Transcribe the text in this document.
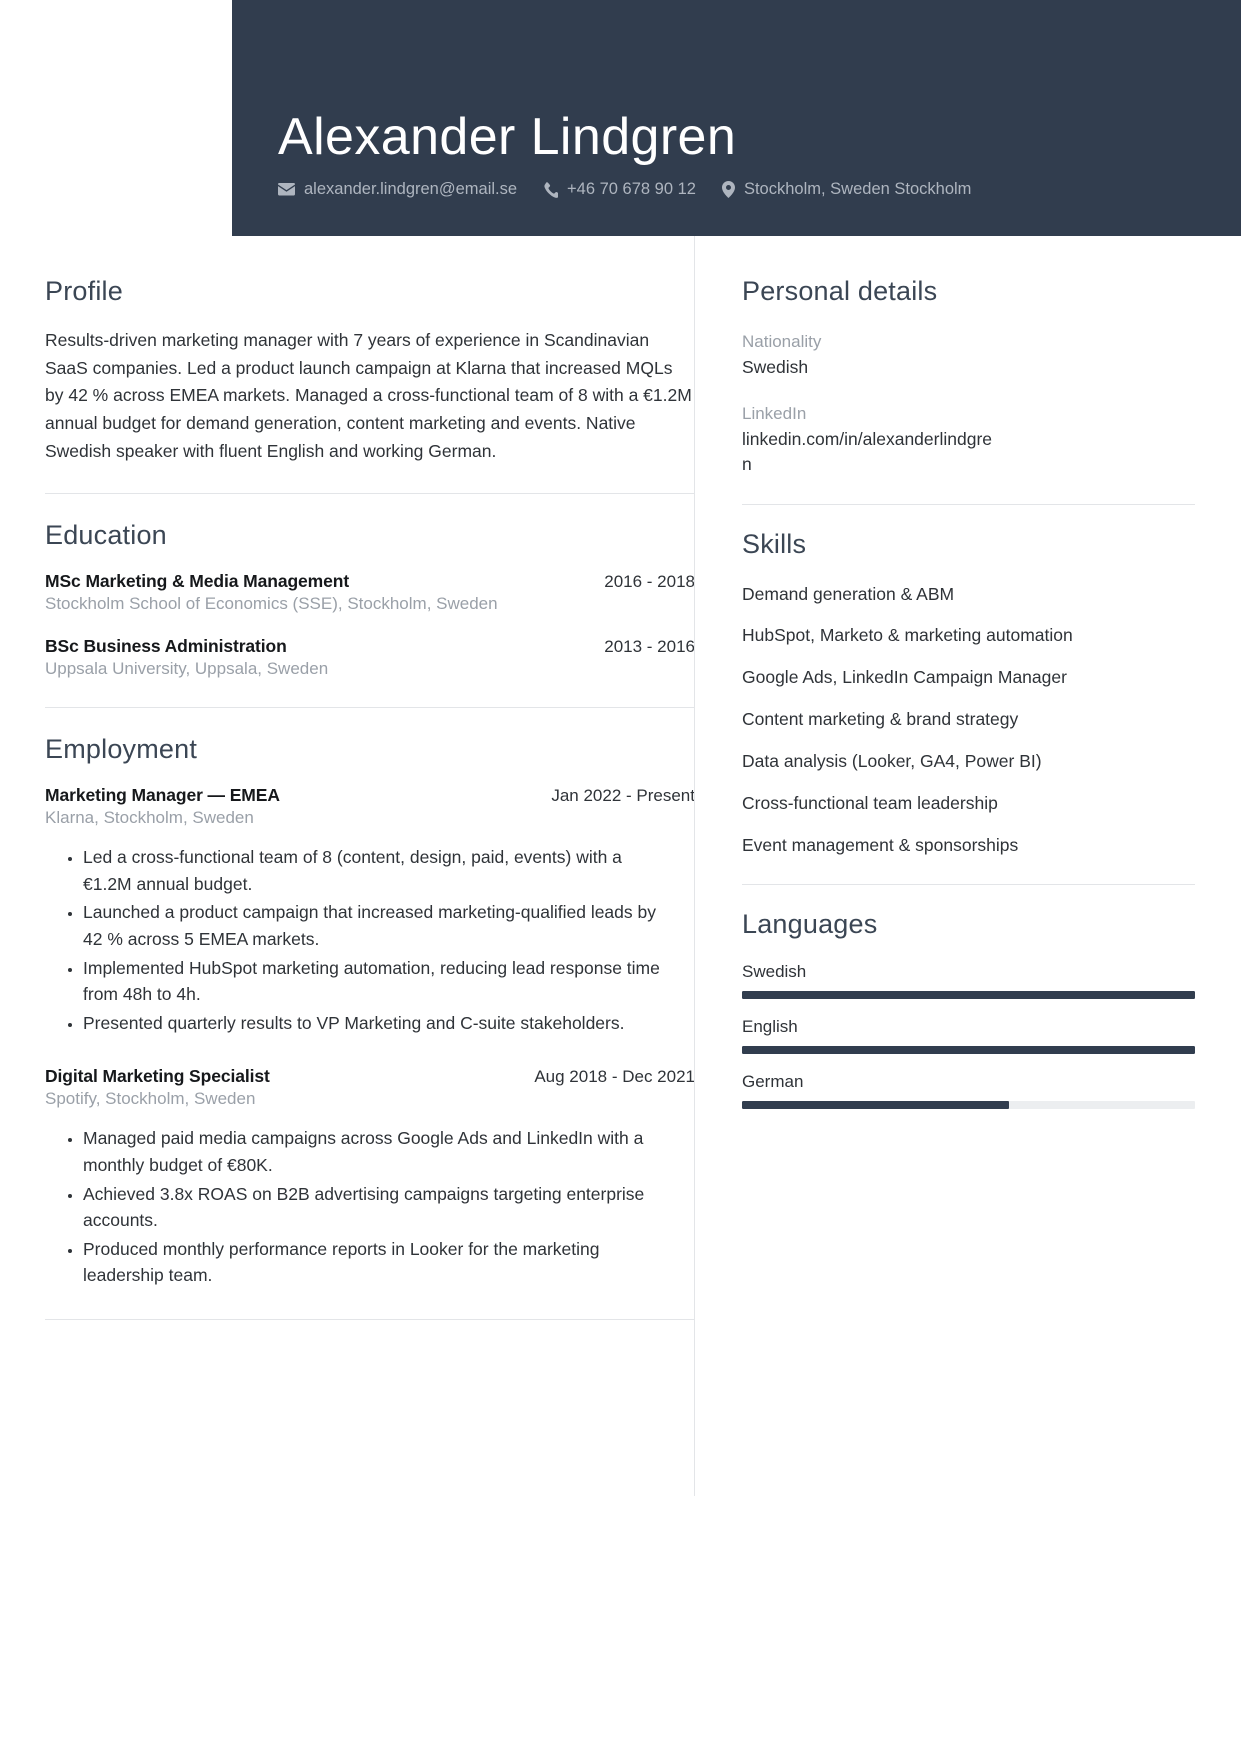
Alexander Lindgren
alexander.lindgren@email.se	+46 70 678 90 12	Stockholm, Sweden Stockholm
Profile

Results-driven marketing manager with 7 years of experience in Scandinavian SaaS companies. Led a product launch campaign at Klarna that increased MQLs by 42 % across EMEA markets. Managed a cross-functional team of 8 with a €1.2M annual budget for demand generation, content marketing and events. Native Swedish speaker with fluent English and working German.

Education
MSc Marketing & Media Management	2016 - 2018
Stockholm School of Economics (SSE), Stockholm, Sweden
BSc Business Administration	2013 - 2016
Uppsala University, Uppsala, Sweden
Employment
Marketing Manager — EMEA	Jan 2022 - Present
Klarna, Stockholm, Sweden
• Led a cross-functional team of 8 (content, design, paid, events) with a €1.2M annual budget.
• Launched a product campaign that increased marketing-qualified leads by 42 % across 5 EMEA markets.
• Implemented HubSpot marketing automation, reducing lead response time from 48h to 4h.
• Presented quarterly results to VP Marketing and C-suite stakeholders.
Digital Marketing Specialist	Aug 2018 - Dec 2021
Spotify, Stockholm, Sweden
• Managed paid media campaigns across Google Ads and LinkedIn with a monthly budget of €80K.
• Achieved 3.8x ROAS on B2B advertising campaigns targeting enterprise accounts.
• Produced monthly performance reports in Looker for the marketing leadership team.
Personal details
Nationality
Swedish
LinkedIn
linkedin.com/in/alexanderlindgren
Skills
Demand generation & ABM
HubSpot, Marketo & marketing automation
Google Ads, LinkedIn Campaign Manager
Content marketing & brand strategy
Data analysis (Looker, GA4, Power BI)
Cross-functional team leadership
Event management & sponsorships
Languages
Swedish
English
German
